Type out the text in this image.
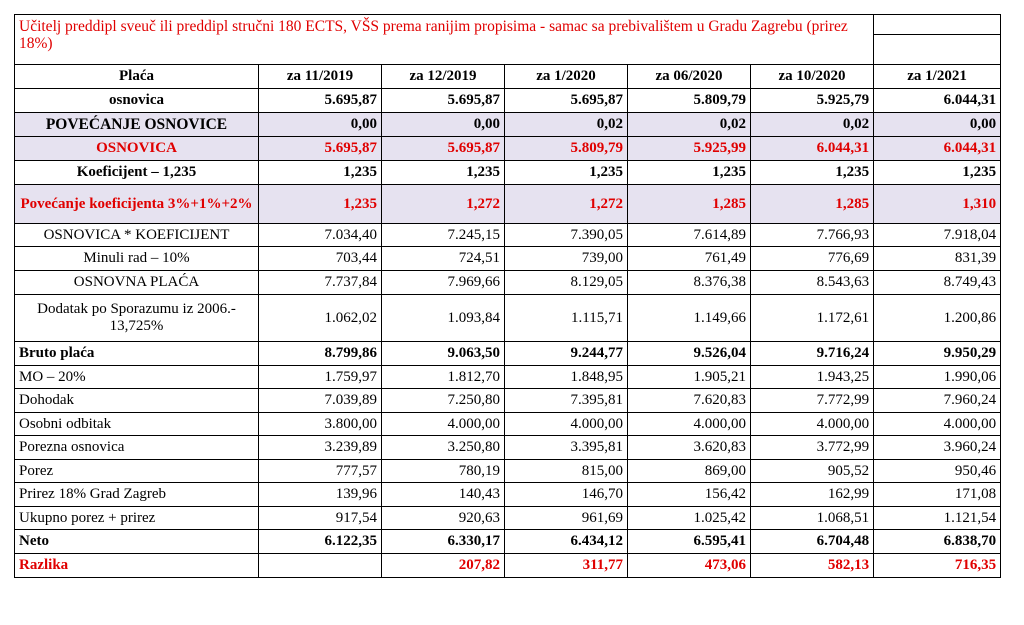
Učitelj preddipl sveuč ili preddipl stručni 180 ECTS, VŠS prema ranijim propisima - samac sa prebivalištem u Gradu Zagrebu (prirez 18%)						

Plaća	za 11/2019	za 12/2019	za 1/2020	za 06/2020	za 10/2020	za 1/2021
osnovica	5.695,87	5.695,87	5.695,87	5.809,79	5.925,79	6.044,31
POVEĆANJE OSNOVICE	0,00	0,00	0,02	0,02	0,02	0,00
OSNOVICA	5.695,87	5.695,87	5.809,79	5.925,99	6.044,31	6.044,31
Koeficijent – 1,235	1,235	1,235	1,235	1,235	1,235	1,235
Povećanje koeficijenta 3%+1%+2%	1,235	1,272	1,272	1,285	1,285	1,310
OSNOVICA * KOEFICIJENT	7.034,40	7.245,15	7.390,05	7.614,89	7.766,93	7.918,04
Minuli rad – 10%	703,44	724,51	739,00	761,49	776,69	831,39
OSNOVNA PLAĆA	7.737,84	7.969,66	8.129,05	8.376,38	8.543,63	8.749,43
Dodatak po Sporazumu iz 2006.- 13,725%	1.062,02	1.093,84	1.115,71	1.149,66	1.172,61	1.200,86
Bruto plaća	8.799,86	9.063,50	9.244,77	9.526,04	9.716,24	9.950,29
MO – 20%	1.759,97	1.812,70	1.848,95	1.905,21	1.943,25	1.990,06
Dohodak	7.039,89	7.250,80	7.395,81	7.620,83	7.772,99	7.960,24
Osobni odbitak	3.800,00	4.000,00	4.000,00	4.000,00	4.000,00	4.000,00
Porezna osnovica	3.239,89	3.250,80	3.395,81	3.620,83	3.772,99	3.960,24
Porez	777,57	780,19	815,00	869,00	905,52	950,46
Prirez 18% Grad Zagreb	139,96	140,43	146,70	156,42	162,99	171,08
Ukupno porez + prirez	917,54	920,63	961,69	1.025,42	1.068,51	1.121,54
Neto	6.122,35	6.330,17	6.434,12	6.595,41	6.704,48	6.838,70
Razlika		207,82	311,77	473,06	582,13	716,35
